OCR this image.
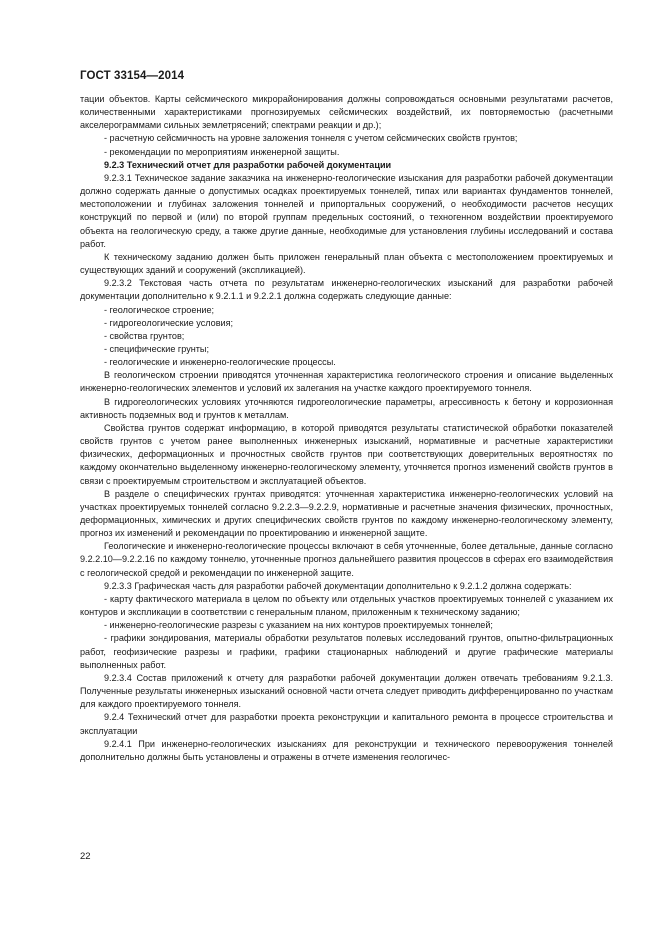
ГОСТ 33154—2014

тации объектов. Карты сейсмического микрорайонирования должны сопровождаться основными результатами расчетов, количественными характеристиками прогнозируемых сейсмических воздействий, их повторяемостью (расчетными акселерограммами сильных землетрясений; спектрами реакции и др.);

- расчетную сейсмичность на уровне заложения тоннеля с учетом сейсмических свойств грунтов;

- рекомендации по мероприятиям инженерной защиты.

9.2.3 Технический отчет для разработки рабочей документации

9.2.3.1 Техническое задание заказчика на инженерно-геологические изыскания для разработки рабочей документации должно содержать данные о допустимых осадках проектируемых тоннелей, типах или вариантах фундаментов тоннелей, местоположении и глубинах заложения тоннелей и припортальных сооружений, о необходимости расчетов несущих конструкций по первой и (или) по второй группам предельных состояний, о техногенном воздействии проектируемого объекта на геологическую среду, а также другие данные, необходимые для установления глубины исследований и состава работ.

К техническому заданию должен быть приложен генеральный план объекта с местоположением проектируемых и существующих зданий и сооружений (экспликацией).

9.2.3.2 Текстовая часть отчета по результатам инженерно-геологических изысканий для разработки рабочей документации дополнительно к 9.2.1.1 и 9.2.2.1 должна содержать следующие данные:

- геологическое строение;

- гидрогеологические условия;

- свойства грунтов;

- специфические грунты;

- геологические и инженерно-геологические процессы.

В геологическом строении приводятся уточненная характеристика геологического строения и описание выделенных инженерно-геологических элементов и условий их залегания на участке каждого проектируемого тоннеля.

В гидрогеологических условиях уточняются гидрогеологические параметры, агрессивность к бетону и коррозионная активность подземных вод и грунтов к металлам.

Свойства грунтов содержат информацию, в которой приводятся результаты статистической обработки показателей свойств грунтов с учетом ранее выполненных инженерных изысканий, нормативные и расчетные характеристики физических, деформационных и прочностных свойств грунтов при соответствующих доверительных вероятностях по каждому окончательно выделенному инженерно-геологическому элементу, уточняется прогноз изменений свойств грунтов в связи с проектируемым строительством и эксплуатацией объектов.

В разделе о специфических грунтах приводятся: уточненная характеристика инженерно-геологических условий на участках проектируемых тоннелей согласно 9.2.2.3—9.2.2.9, нормативные и расчетные значения физических, прочностных, деформационных, химических и других специфических свойств грунтов по каждому инженерно-геологическому элементу, прогноз их изменений и рекомендации по проектированию и инженерной защите.

Геологические и инженерно-геологические процессы включают в себя уточненные, более детальные, данные согласно 9.2.2.10—9.2.2.16 по каждому тоннелю, уточненные прогноз дальнейшего развития процессов в сферах его взаимодействия с геологической средой и рекомендации по инженерной защите.

9.2.3.3 Графическая часть для разработки рабочей документации дополнительно к 9.2.1.2 должна содержать:

- карту фактического материала в целом по объекту или отдельных участков проектируемых тоннелей с указанием их контуров и экспликации в соответствии с генеральным планом, приложенным к техническому заданию;

- инженерно-геологические разрезы с указанием на них контуров проектируемых тоннелей;

- графики зондирования, материалы обработки результатов полевых исследований грунтов, опытно-фильтрационных работ, геофизические разрезы и графики, графики стационарных наблюдений и другие графические материалы выполненных работ.

9.2.3.4 Состав приложений к отчету для разработки рабочей документации должен отвечать требованиям 9.2.1.3. Полученные результаты инженерных изысканий основной части отчета следует приводить дифференцированно по участкам для каждого проектируемого тоннеля.

9.2.4 Технический отчет для разработки проекта реконструкции и капитального ремонта в процессе строительства и эксплуатации

9.2.4.1 При инженерно-геологических изысканиях для реконструкции и технического перевооружения тоннелей дополнительно должны быть установлены и отражены в отчете изменения геологичес-

22
